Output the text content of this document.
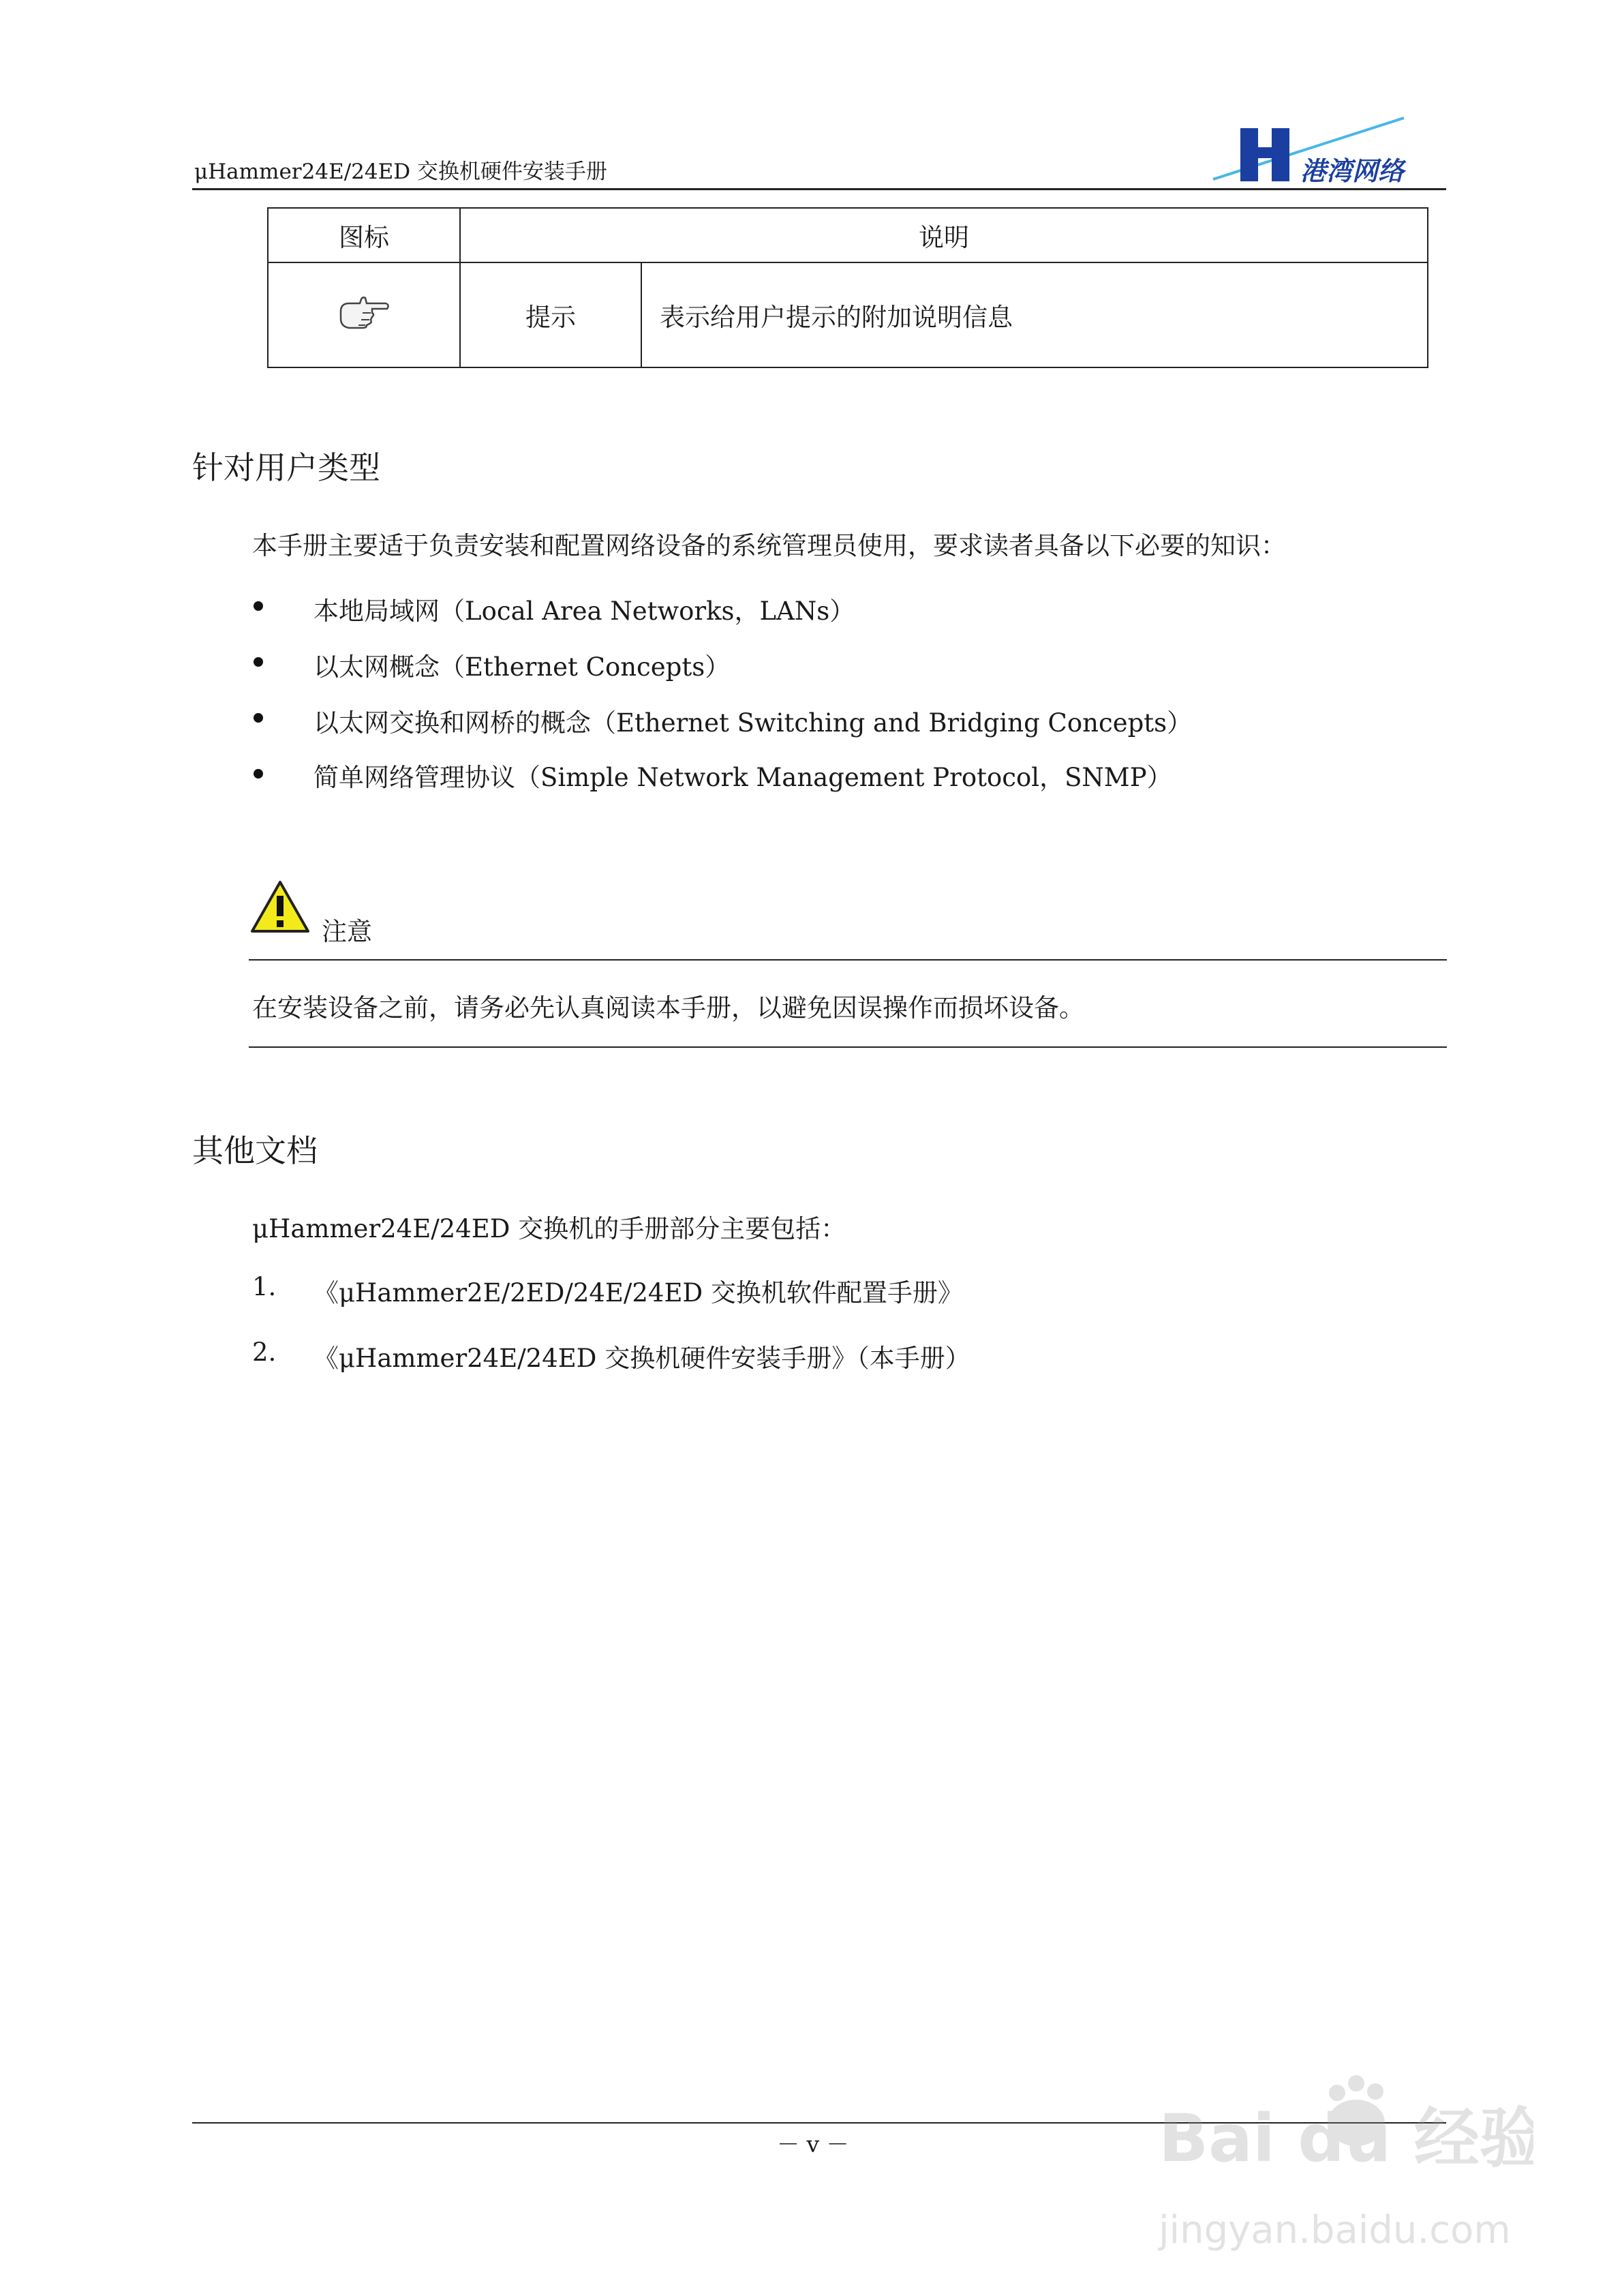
μHammer24E/24ED 交换机硬件安装手册	港湾网络
图标	说明	
	提示	表示给用户提示的附加说明信息
针对用户类型
本手册主要适于负责安装和配置网络设备的系统管理员使用，要求读者具备以下必要的知识：
本地局域网（Local Area Networks，LANs）
以太网概念（Ethernet Concepts）
以太网交换和网桥的概念（Ethernet Switching and Bridging Concepts）
简单网络管理协议（Simple Network Management Protocol，SNMP）
注意
在安装设备之前，请务必先认真阅读本手册，以避免因误操作而损坏设备。
其他文档
μHammer24E/24ED 交换机的手册部分主要包括：
1. 《μHammer2E/2ED/24E/24ED 交换机软件配置手册》
2. 《μHammer24E/24ED 交换机硬件安装手册》（本手册）
－ v －	Bai du 经验
jingyan.baidu.com
